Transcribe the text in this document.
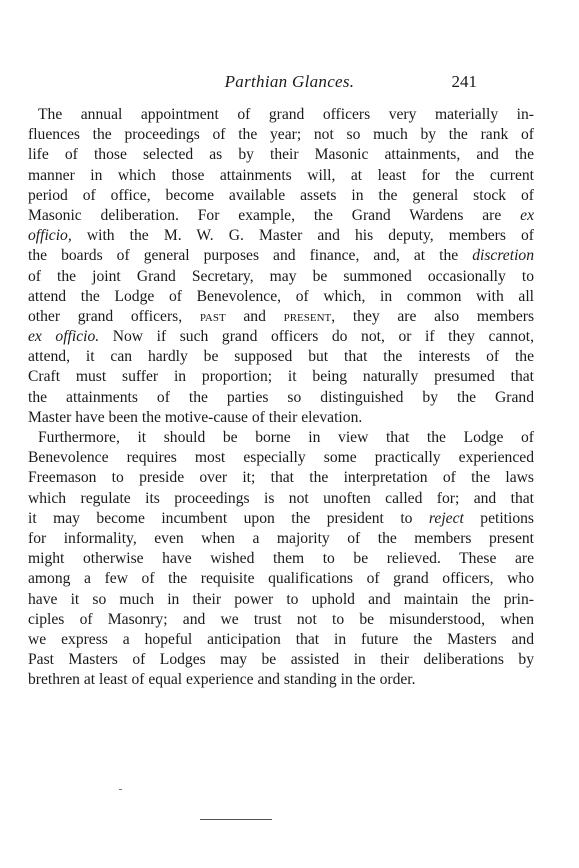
Parthian Glances.	241
The annual appointment of grand officers very materially in-
fluences the proceedings of the year; not so much by the rank of
life of those selected as by their Masonic attainments, and the
manner in which those attainments will, at least for the current
period of office, become available assets in the general stock of
Masonic deliberation. For example, the Grand Wardens are ex
officio, with the M. W. G. Master and his deputy, members of
the boards of general purposes and finance, and, at the discretion
of the joint Grand Secretary, may be summoned occasionally to
attend the Lodge of Benevolence, of which, in common with all
other grand officers, past and present, they are also members
ex officio. Now if such grand officers do not, or if they cannot,
attend, it can hardly be supposed but that the interests of the
Craft must suffer in proportion; it being naturally presumed that
the attainments of the parties so distinguished by the Grand
Master have been the motive-cause of their elevation.
Furthermore, it should be borne in view that the Lodge of
Benevolence requires most especially some practically experienced
Freemason to preside over it; that the interpretation of the laws
which regulate its proceedings is not unoften called for; and that
it may become incumbent upon the president to reject petitions
for informality, even when a majority of the members present
might otherwise have wished them to be relieved. These are
among a few of the requisite qualifications of grand officers, who
have it so much in their power to uphold and maintain the prin-
ciples of Masonry; and we trust not to be misunderstood, when
we express a hopeful anticipation that in future the Masters and
Past Masters of Lodges may be assisted in their deliberations by
brethren at least of equal experience and standing in the order.
